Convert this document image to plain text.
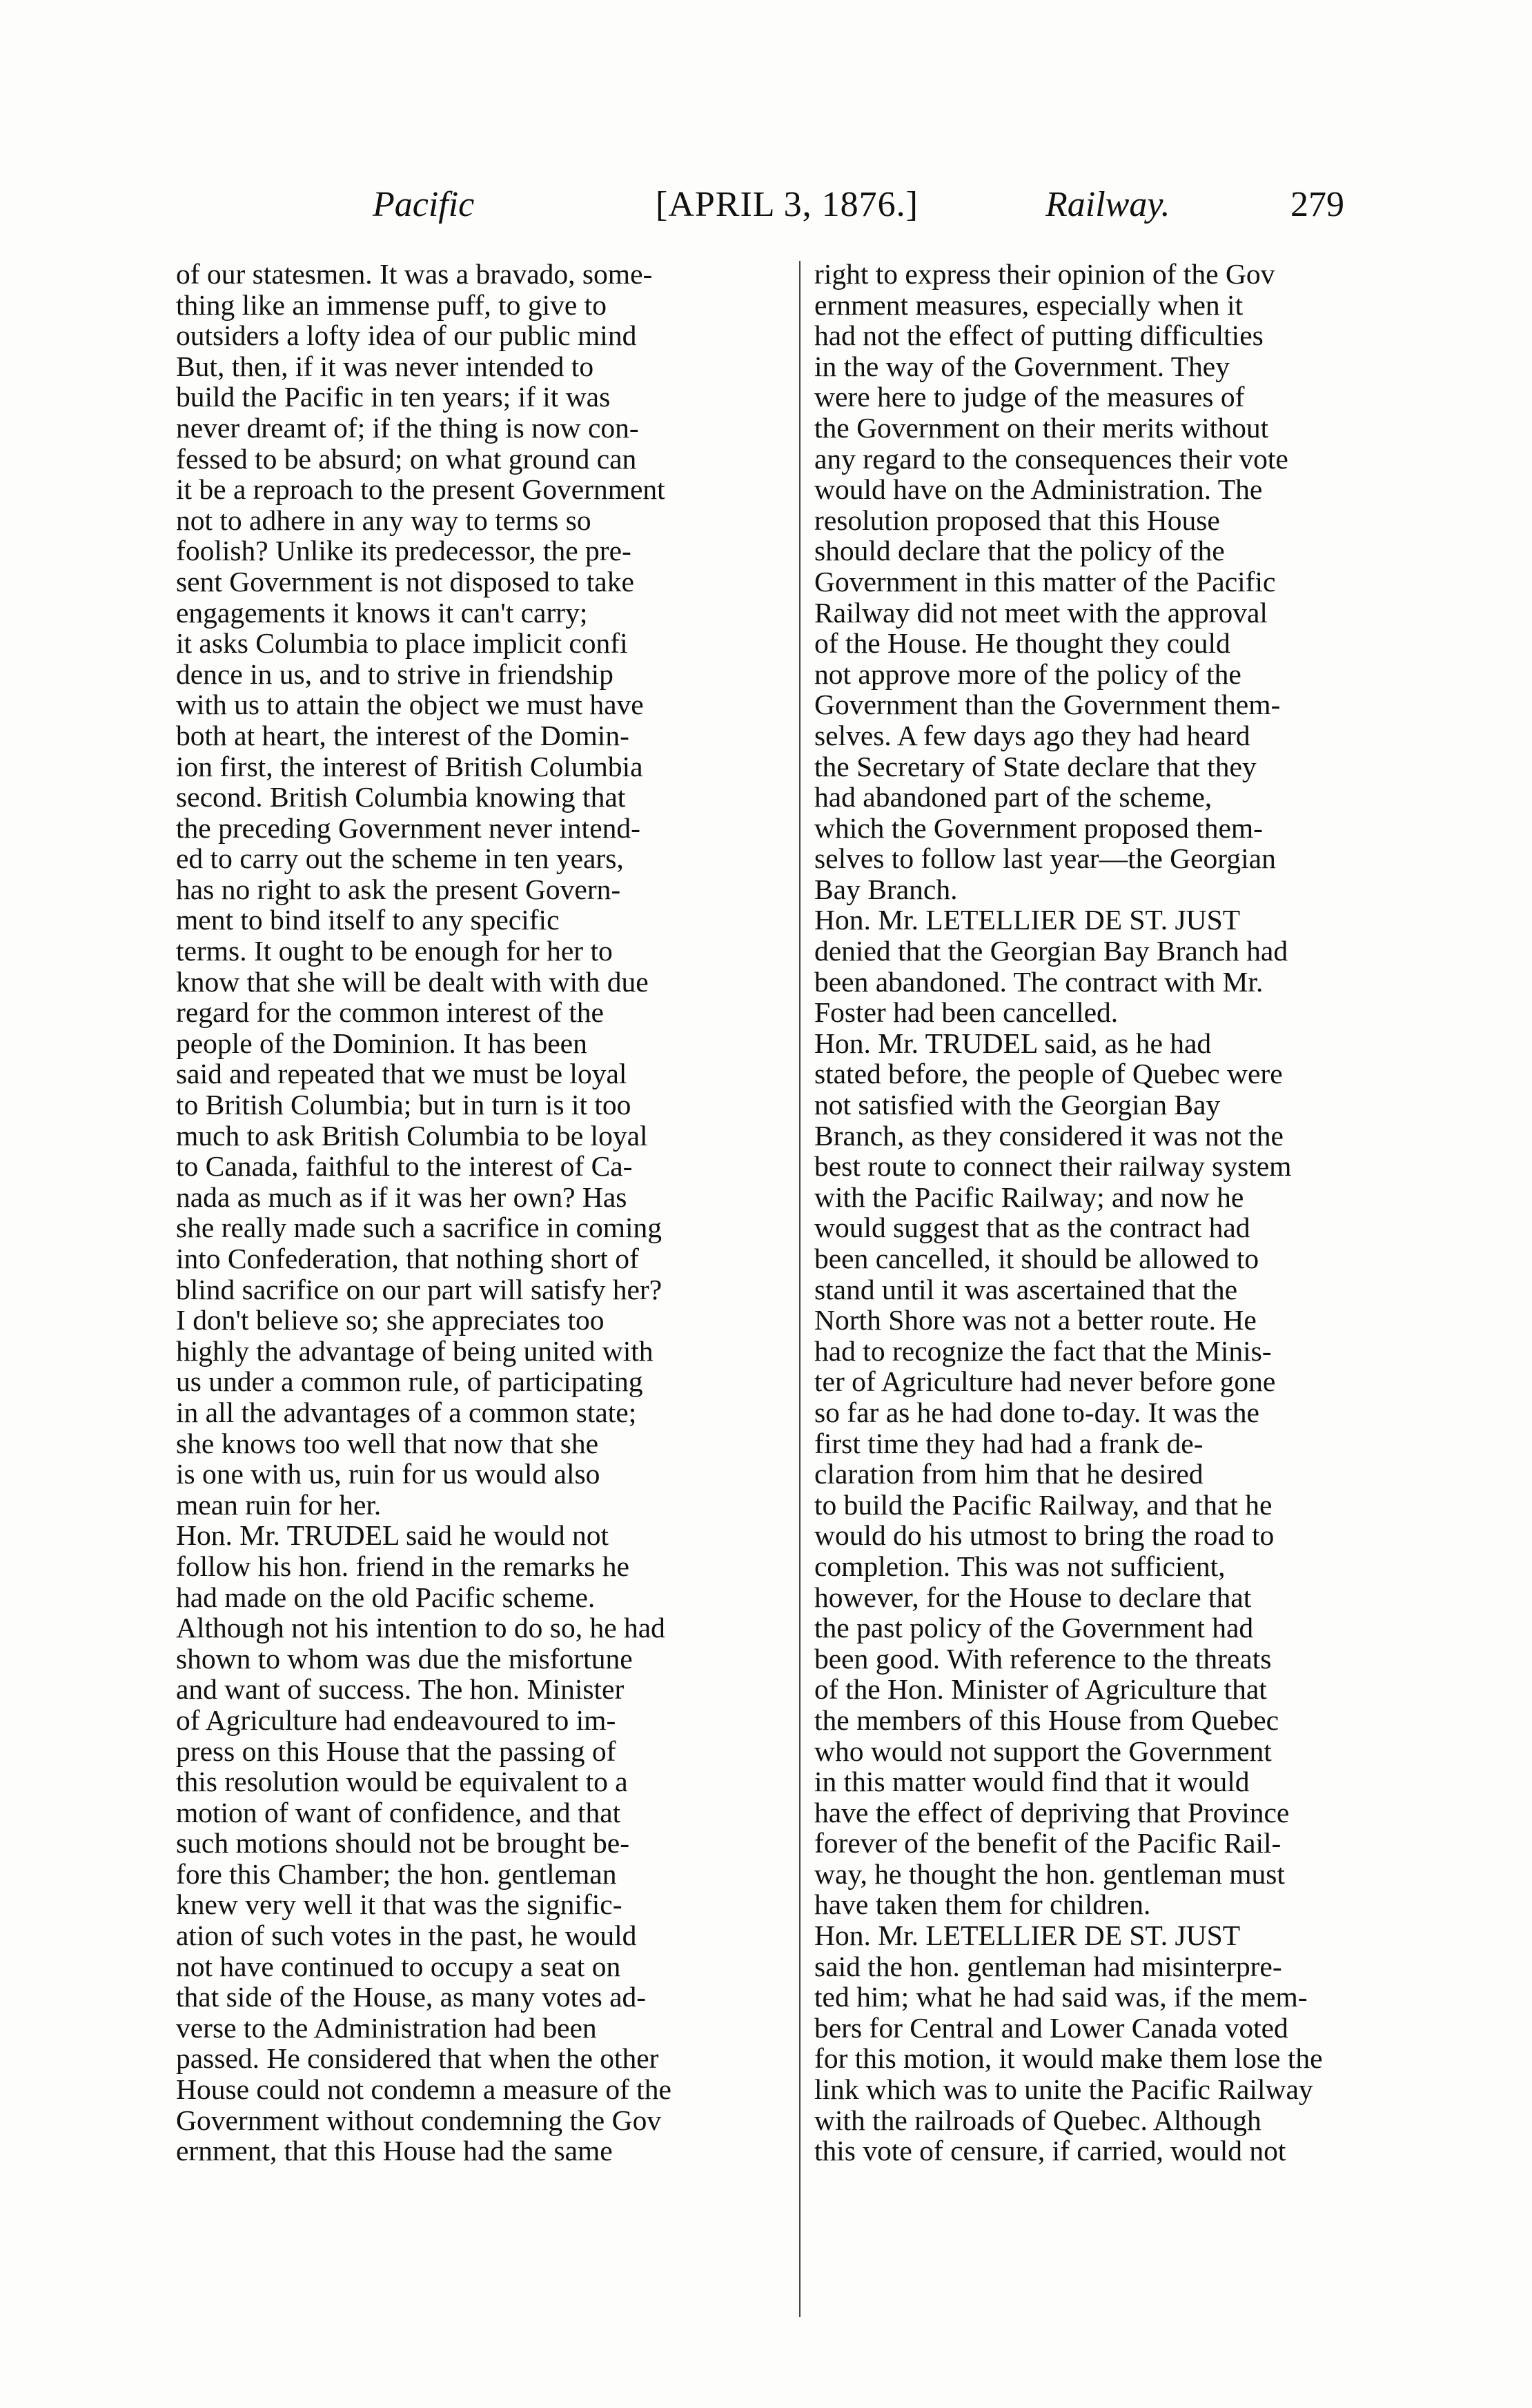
Pacific	[APRIL 3, 1876.]	Railway.	279
of our statesmen. It was a bravado, some-
thing like an immense puff, to give to
outsiders a lofty idea of our public mind
But, then, if it was never intended to
build the Pacific in ten years; if it was
never dreamt of; if the thing is now con-
fessed to be absurd; on what ground can
it be a reproach to the present Government
not to adhere in any way to terms so
foolish? Unlike its predecessor, the pre-
sent Government is not disposed to take
engagements it knows it can't carry;
it asks Columbia to place implicit confi
dence in us, and to strive in friendship
with us to attain the object we must have
both at heart, the interest of the Domin-
ion first, the interest of British Columbia
second. British Columbia knowing that
the preceding Government never intend-
ed to carry out the scheme in ten years,
has no right to ask the present Govern-
ment to bind itself to any specific
terms. It ought to be enough for her to
know that she will be dealt with with due
regard for the common interest of the
people of the Dominion. It has been
said and repeated that we must be loyal
to British Columbia; but in turn is it too
much to ask British Columbia to be loyal
to Canada, faithful to the interest of Ca-
nada as much as if it was her own? Has
she really made such a sacrifice in coming
into Confederation, that nothing short of
blind sacrifice on our part will satisfy her?
I don't believe so; she appreciates too
highly the advantage of being united with
us under a common rule, of participating
in all the advantages of a common state;
she knows too well that now that she
is one with us, ruin for us would also
mean ruin for her.
Hon. Mr. TRUDEL said he would not
follow his hon. friend in the remarks he
had made on the old Pacific scheme.
Although not his intention to do so, he had
shown to whom was due the misfortune
and want of success. The hon. Minister
of Agriculture had endeavoured to im-
press on this House that the passing of
this resolution would be equivalent to a
motion of want of confidence, and that
such motions should not be brought be-
fore this Chamber; the hon. gentleman
knew very well it that was the signific-
ation of such votes in the past, he would
not have continued to occupy a seat on
that side of the House, as many votes ad-
verse to the Administration had been
passed. He considered that when the other
House could not condemn a measure of the
Government without condemning the Gov
ernment, that this House had the same
right to express their opinion of the Gov
ernment measures, especially when it
had not the effect of putting difficulties
in the way of the Government. They
were here to judge of the measures of
the Government on their merits without
any regard to the consequences their vote
would have on the Administration. The
resolution proposed that this House
should declare that the policy of the
Government in this matter of the Pacific
Railway did not meet with the approval
of the House. He thought they could
not approve more of the policy of the
Government than the Government them-
selves. A few days ago they had heard
the Secretary of State declare that they
had abandoned part of the scheme,
which the Government proposed them-
selves to follow last year—the Georgian
Bay Branch.
Hon. Mr. LETELLIER DE ST. JUST
denied that the Georgian Bay Branch had
been abandoned. The contract with Mr.
Foster had been cancelled.
Hon. Mr. TRUDEL said, as he had
stated before, the people of Quebec were
not satisfied with the Georgian Bay
Branch, as they considered it was not the
best route to connect their railway system
with the Pacific Railway; and now he
would suggest that as the contract had
been cancelled, it should be allowed to
stand until it was ascertained that the
North Shore was not a better route. He
had to recognize the fact that the Minis-
ter of Agriculture had never before gone
so far as he had done to-day. It was the
first time they had had a frank de-
claration from him that he desired
to build the Pacific Railway, and that he
would do his utmost to bring the road to
completion. This was not sufficient,
however, for the House to declare that
the past policy of the Government had
been good. With reference to the threats
of the Hon. Minister of Agriculture that
the members of this House from Quebec
who would not support the Government
in this matter would find that it would
have the effect of depriving that Province
forever of the benefit of the Pacific Rail-
way, he thought the hon. gentleman must
have taken them for children.
Hon. Mr. LETELLIER DE ST. JUST
said the hon. gentleman had misinterpre-
ted him; what he had said was, if the mem-
bers for Central and Lower Canada voted
for this motion, it would make them lose the
link which was to unite the Pacific Railway
with the railroads of Quebec. Although
this vote of censure, if carried, would not
